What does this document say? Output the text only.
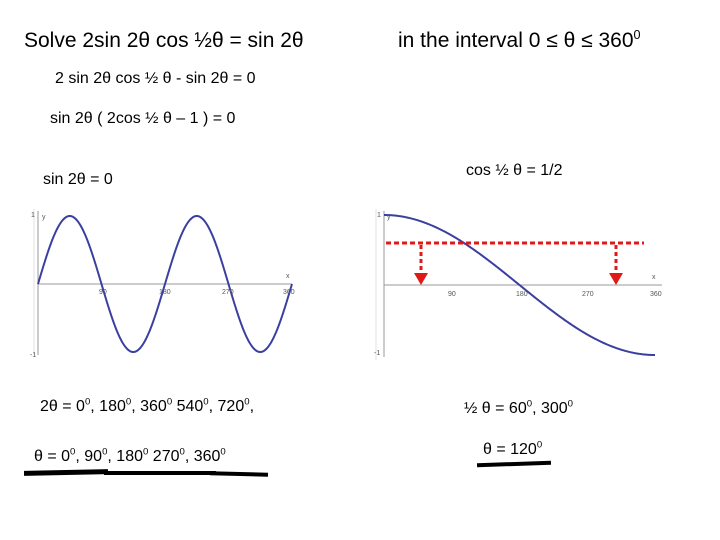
Solve 2sin 2θ cos ½θ = sin 2θ	in the interval $0 \le \theta \le 360^0$
2 sin 2θ cos ½ θ - sin 2θ = 0
sin 2θ ( 2cos ½ θ – 1 ) = 0
sin 2θ = 0
cos ½ θ = 1/2
1 y
-1
x
90	180	270	360
1 y
-1
x
90	180	270	360
$2\theta = 0^0$, $180^0$, $360^0$ $540^0$, $720^0$,
$\theta = 0^0$, $90^0$, $180^0$ $270^0$, $360^0$
½ $\theta = 60^0$, $300^0$
$\theta = 120^0$
